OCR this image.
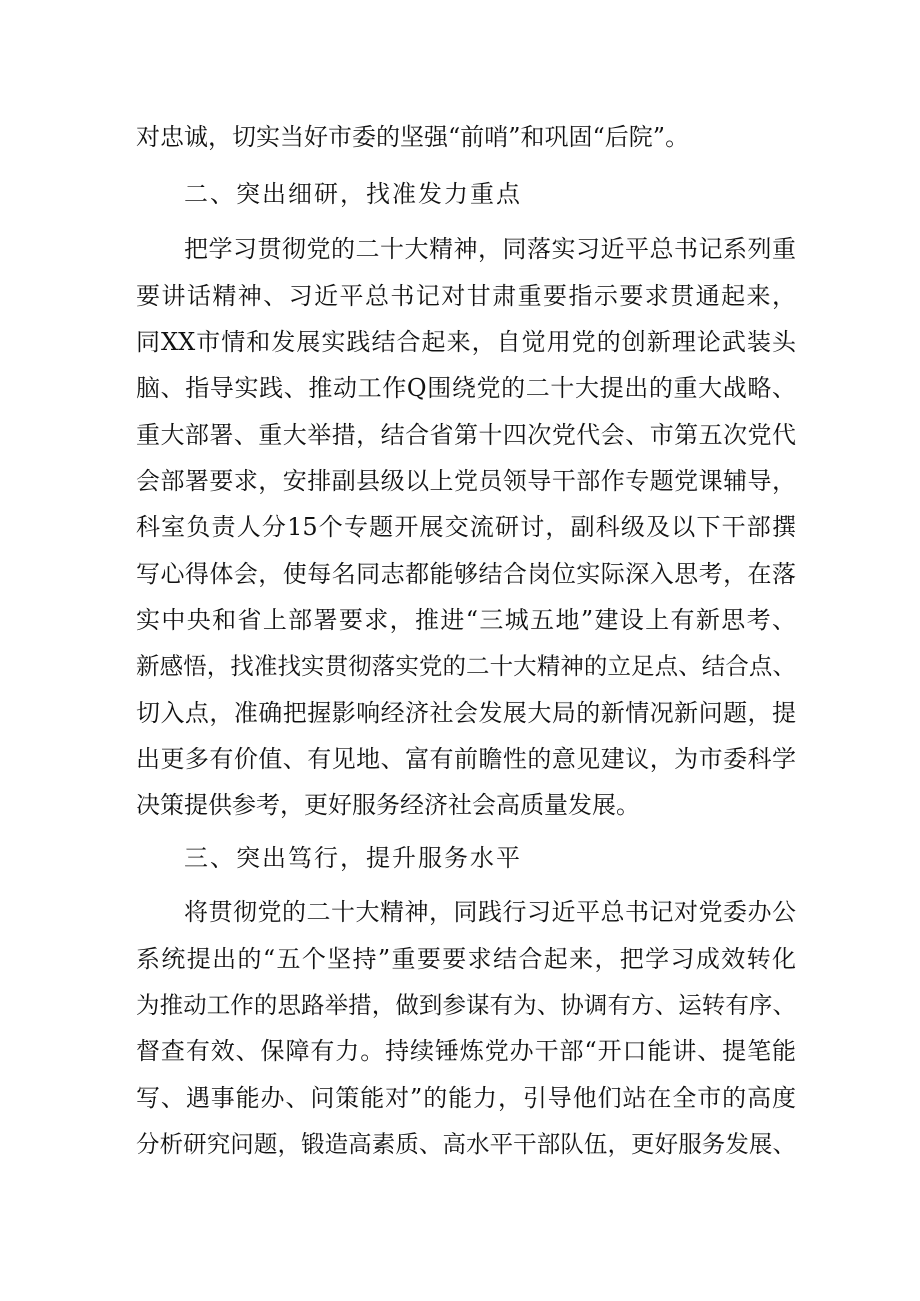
对忠诚，切实当好市委的坚强“前哨”和巩固“后院”。
二、突出细研，找准发力重点
把学习贯彻党的二十大精神，同落实习近平总书记系列重
要讲话精神、习近平总书记对甘肃重要指示要求贯通起来，
同XX市情和发展实践结合起来，自觉用党的创新理论武装头
脑、指导实践、推动工作Q围绕党的二十大提出的重大战略、
重大部署、重大举措，结合省第十四次党代会、市第五次党代
会部署要求，安排副县级以上党员领导干部作专题党课辅导，
科室负责人分15个专题开展交流研讨，副科级及以下干部撰
写心得体会，使每名同志都能够结合岗位实际深入思考，在落
实中央和省上部署要求，推进“三城五地”建设上有新思考、
新感悟，找准找实贯彻落实党的二十大精神的立足点、结合点、
切入点，准确把握影响经济社会发展大局的新情况新问题，提
出更多有价值、有见地、富有前瞻性的意见建议，为市委科学
决策提供参考，更好服务经济社会高质量发展。
三、突出笃行，提升服务水平
将贯彻党的二十大精神，同践行习近平总书记对党委办公
系统提出的“五个坚持”重要要求结合起来，把学习成效转化
为推动工作的思路举措，做到参谋有为、协调有方、运转有序、
督查有效、保障有力。持续锤炼党办干部“开口能讲、提笔能
写、遇事能办、问策能对”的能力，引导他们站在全市的高度
分析研究问题，锻造高素质、高水平干部队伍，更好服务发展、
